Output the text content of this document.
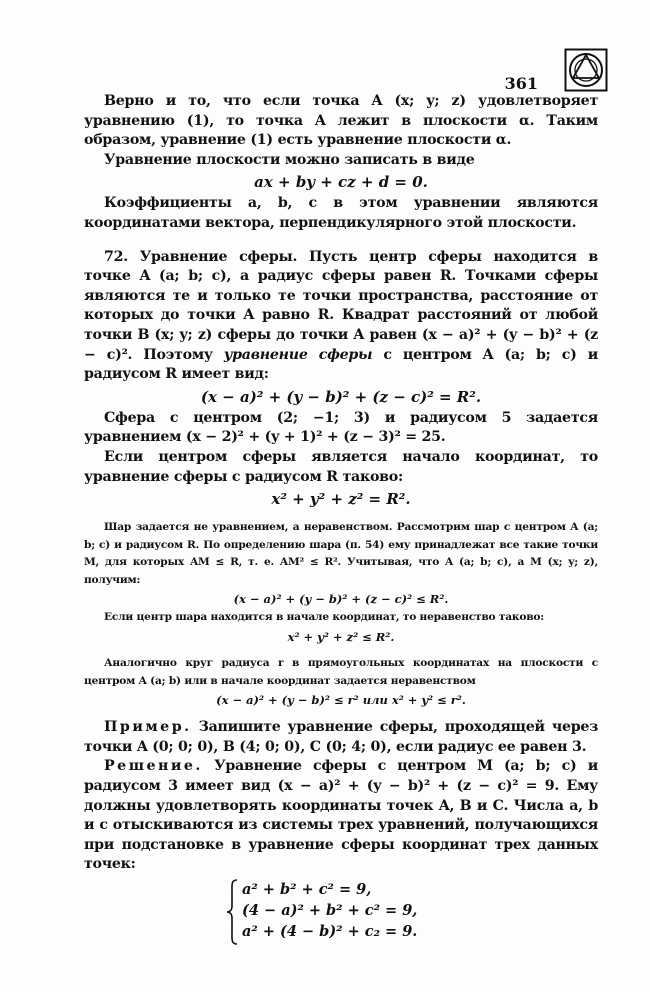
361

Верно и то, что если точка A (x; y; z) удовлетворяет уравнению (1), то точка A лежит в плоскости α. Таким образом, уравнение (1) есть уравнение плоскости α.

Уравнение плоскости можно записать в виде

ax + by + cz + d = 0.

Коэффициенты a, b, c в этом уравнении являются координатами вектора, перпендикулярного этой плоскости.

72. Уравнение сферы. Пусть центр сферы находится в точке A (a; b; c), а радиус сферы равен R. Точками сферы являются те и только те точки пространства, расстояние от которых до точки A равно R. Квадрат расстояний от любой точки B (x; y; z) сферы до точки A равен (x − a)² + (y − b)² + (z − c)². Поэтому уравнение сферы с центром A (a; b; c) и радиусом R имеет вид:

(x − a)² + (y − b)² + (z − c)² = R².

Сфера с центром (2; −1; 3) и радиусом 5 задается уравнением (x − 2)² + (y + 1)² + (z − 3)² = 25.

Если центром сферы является начало координат, то уравнение сферы с радиусом R таково:

x² + y² + z² = R².

Шар задается не уравнением, а неравенством. Рассмотрим шар с центром A (a; b; c) и радиусом R. По определению шара (п. 54) ему принадлежат все такие точки M, для которых AM ≤ R, т. е. AM² ≤ R². Учитывая, что A (a; b; c), а M (x; y; z), получим:

(x − a)² + (y − b)² + (z − c)² ≤ R².

Если центр шара находится в начале координат, то неравенство таково:

x² + y² + z² ≤ R².

Аналогично круг радиуса r в прямоугольных координатах на плоскости с центром A (a; b) или в начале координат задается неравенством

(x − a)² + (y − b)² ≤ r² или x² + y² ≤ r².

Пример. Запишите уравнение сферы, проходящей через точки A (0; 0; 0), B (4; 0; 0), C (0; 4; 0), если радиус ее равен 3.

Решение. Уравнение сферы с центром M (a; b; c) и радиусом 3 имеет вид (x − a)² + (y − b)² + (z − c)² = 9. Ему должны удовлетворять координаты точек A, B и C. Числа a, b и c отыскиваются из системы трех уравнений, получающихся при подстановке в уравнение сферы координат трех данных точек:

a² + b² + c² = 9,
(4 − a)² + b² + c² = 9,
a² + (4 − b)² + c₂ = 9.
